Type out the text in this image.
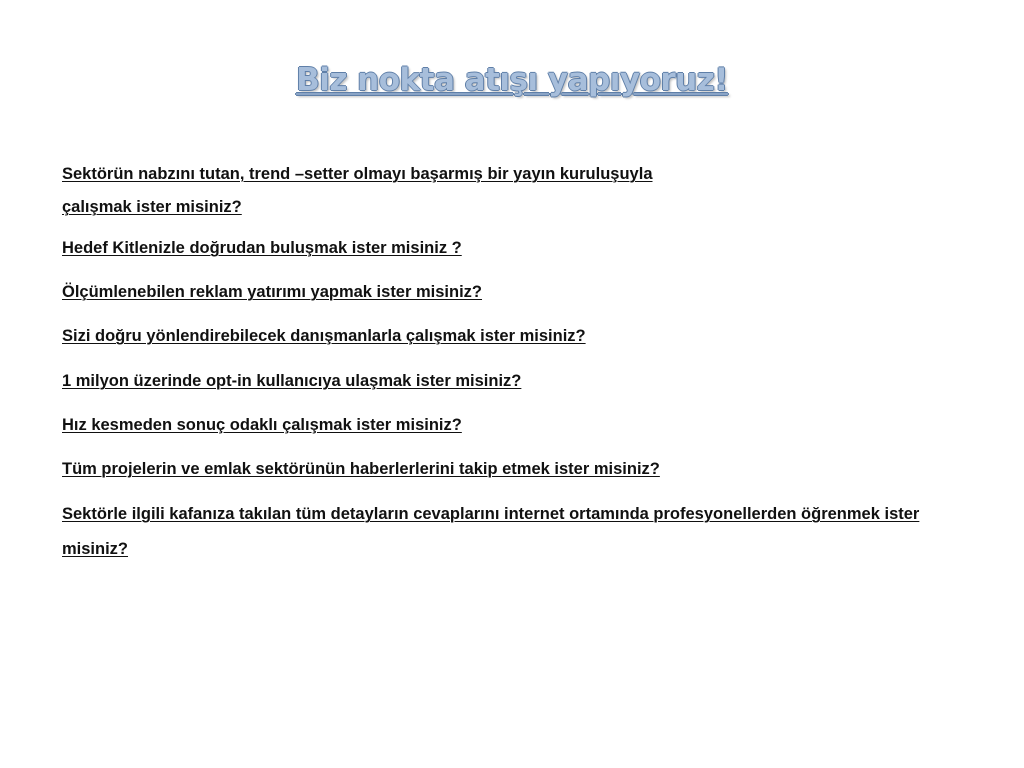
Biz nokta atışı yapıyoruz!
Sektörün nabzını tutan, trend –setter olmayı başarmış bir yayın kuruluşuyla
çalışmak ister misiniz?
Hedef Kitlenizle doğrudan buluşmak ister misiniz ?
Ölçümlenebilen reklam yatırımı yapmak ister misiniz?
Sizi doğru yönlendirebilecek danışmanlarla çalışmak ister misiniz?
1 milyon üzerinde opt-in kullanıcıya ulaşmak ister misiniz?
Hız kesmeden sonuç odaklı çalışmak ister misiniz?
Tüm projelerin ve emlak sektörünün haberlerlerini takip etmek ister misiniz?
Sektörle ilgili kafanıza takılan tüm detayların cevaplarını internet ortamında profesyonellerden öğrenmek ister
misiniz?
